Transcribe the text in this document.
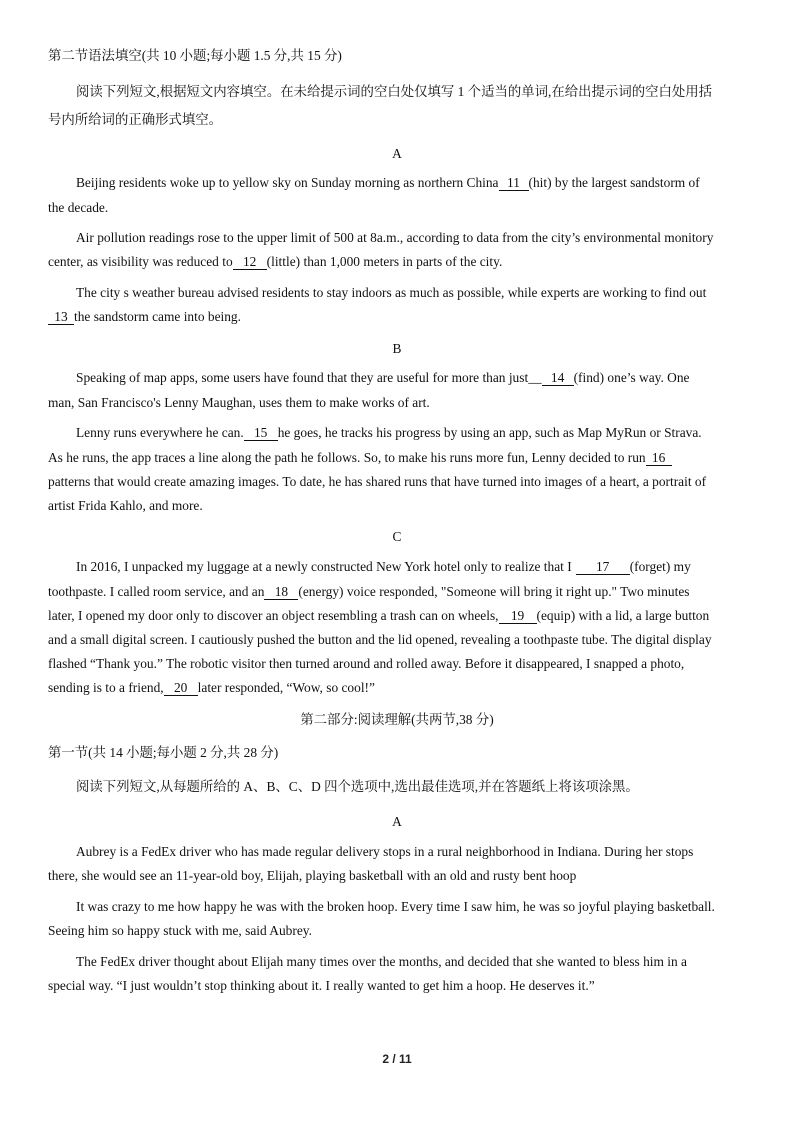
第二节语法填空(共 10 小题;每小题 1.5 分,共 15 分)
阅读下列短文,根据短文内容填空。在未给提示词的空白处仅填写 1 个适当的单词,在给出提示词的空白处用括
号内所给词的正确形式填空。
A
Beijing residents woke up to yellow sky on Sunday morning as northern China 11 (hit) by the largest sandstorm of
the decade.
Air pollution readings rose to the upper limit of 500 at 8a.m., according to data from the city’s environmental monitory
center, as visibility was reduced to 12 (little) than 1,000 meters in parts of the city.
The city s weather bureau advised residents to stay indoors as much as possible, while experts are working to find out
13 the sandstorm came into being.
B
Speaking of map apps, some users have found that they are useful for more than just__ 14 (find) one’s way. One
man, San Francisco's Lenny Maughan, uses them to make works of art.
Lenny runs everywhere he can. 15 he goes, he tracks his progress by using an app, such as Map MyRun or Strava.
As he runs, the app traces a line along the path he follows. So, to make his runs more fun, Lenny decided to run 16
patterns that would create amazing images. To date, he has shared runs that have turned into images of a heart, a portrait of
artist Frida Kahlo, and more.
C
In 2016, I unpacked my luggage at a newly constructed New York hotel only to realize that I 17 (forget) my
toothpaste. I called room service, and an 18 (energy) voice responded, "Someone will bring it right up." Two minutes
later, I opened my door only to discover an object resembling a trash can on wheels, 19 (equip) with a lid, a large button
and a small digital screen. I cautiously pushed the button and the lid opened, revealing a toothpaste tube. The digital display
flashed “Thank you.” The robotic visitor then turned around and rolled away. Before it disappeared, I snapped a photo,
sending is to a friend, 20 later responded, “Wow, so cool!”
第二部分:阅读理解(共两节,38 分)
第一节(共 14 小题;每小题 2 分,共 28 分)
阅读下列短文,从每题所给的 A、B、C、D 四个选项中,选出最佳选项,并在答题纸上将该项涂黑。
A
Aubrey is a FedEx driver who has made regular delivery stops in a rural neighborhood in Indiana. During her stops
there, she would see an 11-year-old boy, Elijah, playing basketball with an old and rusty bent hoop
It was crazy to me how happy he was with the broken hoop. Every time I saw him, he was so joyful playing basketball.
Seeing him so happy stuck with me, said Aubrey.
The FedEx driver thought about Elijah many times over the months, and decided that she wanted to bless him in a
special way. “I just wouldn’t stop thinking about it. I really wanted to get him a hoop. He deserves it.”
2 / 11
